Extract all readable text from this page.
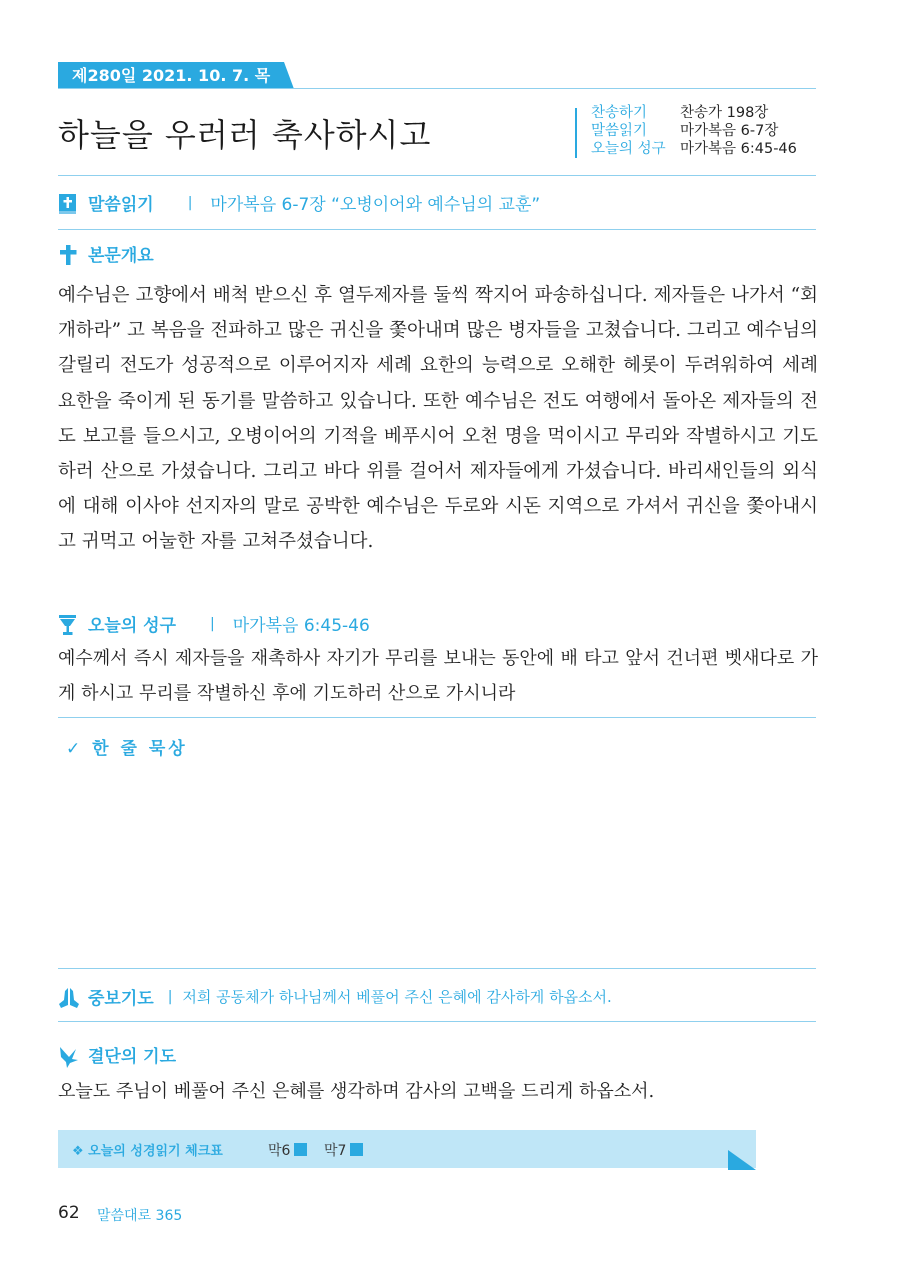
제280일 2021. 10. 7. 목
하늘을 우러러 축사하시고
찬송하기
말씀읽기
오늘의 성구
찬송가 198장
마가복음 6-7장
마가복음 6:45-46
말씀읽기 | 마가복음 6-7장 “오병이어와 예수님의 교훈”
본문개요
예수님은 고향에서 배척 받으신 후 열두제자를 둘씩 짝지어 파송하십니다. 제자들은 나가서 “회개하라” 고 복음을 전파하고 많은 귀신을 쫓아내며 많은 병자들을 고쳤습니다. 그리고 예수님의 갈릴리 전도가 성공적으로 이루어지자 세례 요한의 능력으로 오해한 헤롯이 두려워하여 세례 요한을 죽이게 된 동기를 말씀하고 있습니다. 또한 예수님은 전도 여행에서 돌아온 제자들의 전도 보고를 들으시고, 오병이어의 기적을 베푸시어 오천 명을 먹이시고 무리와 작별하시고 기도하러 산으로 가셨습니다. 그리고 바다 위를 걸어서 제자들에게 가셨습니다. 바리새인들의 외식에 대해 이사야 선지자의 말로 공박한 예수님은 두로와 시돈 지역으로 가셔서 귀신을 쫓아내시고 귀먹고 어눌한 자를 고쳐주셨습니다.
오늘의 성구 | 마가복음 6:45-46
예수께서 즉시 제자들을 재촉하사 자기가 무리를 보내는 동안에 배 타고 앞서 건너편 벳새다로 가게 하시고 무리를 작별하신 후에 기도하러 산으로 가시니라
✓ 한 줄 묵상
중보기도 | 저희 공동체가 하나님께서 베풀어 주신 은혜에 감사하게 하옵소서.
결단의 기도
오늘도 주님이 베풀어 주신 은혜를 생각하며 감사의 고백을 드리게 하옵소서.
❖ 오늘의 성경읽기 체크표	막6	막7
62 말씀대로 365
